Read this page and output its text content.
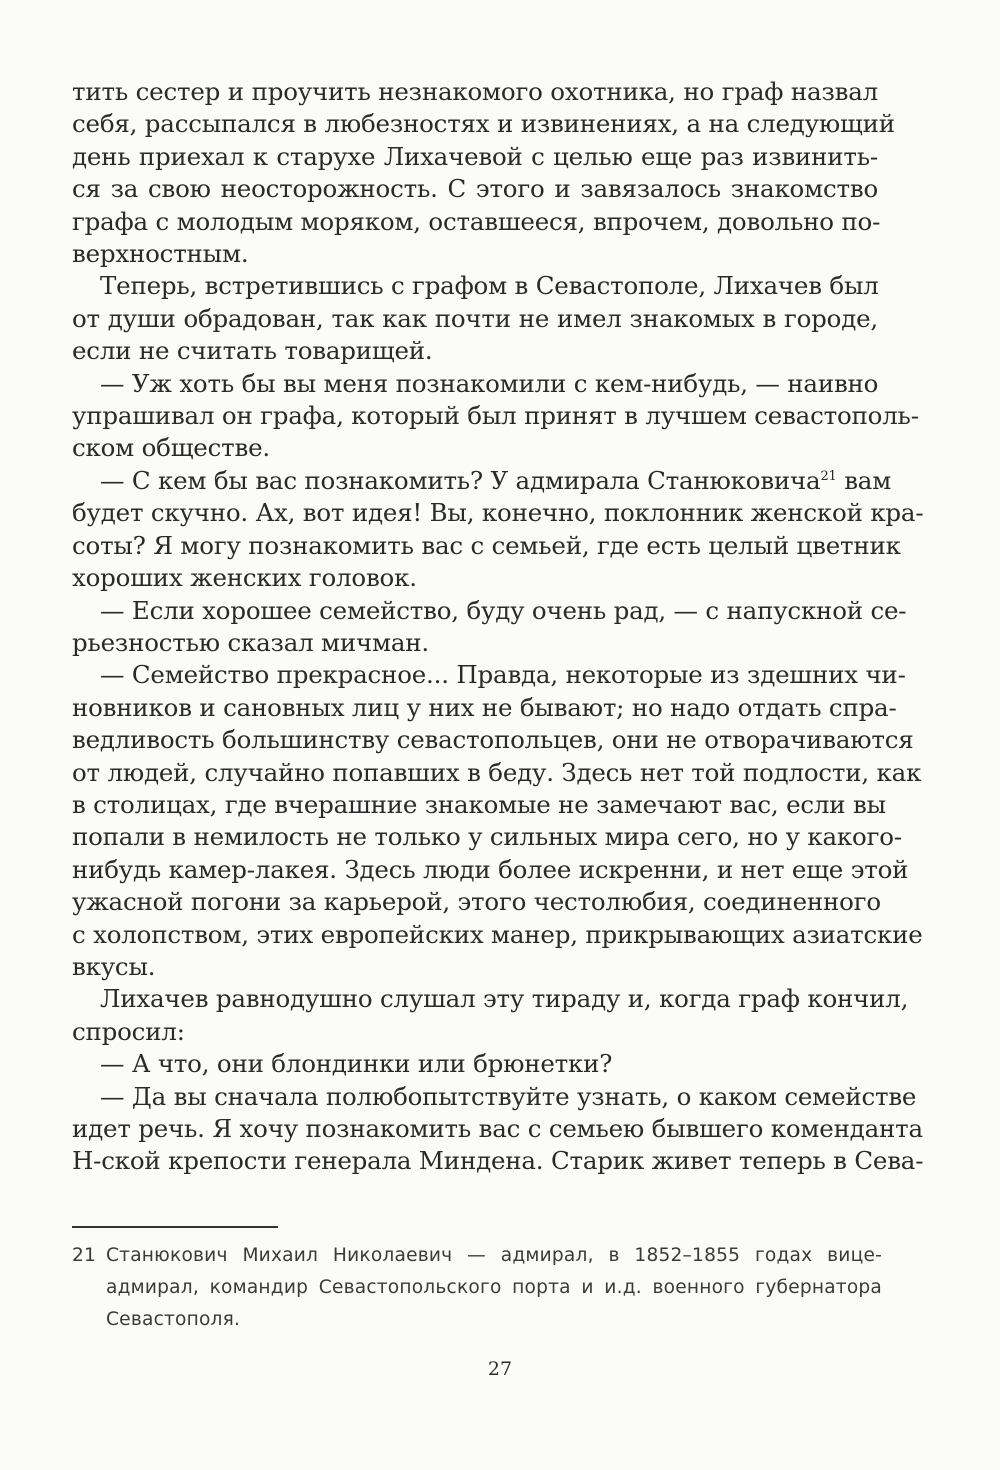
тить сестер и проучить незнакомого охотника, но граф назвал
себя, рассыпался в любезностях и извинениях, а на следующий
день приехал к старухе Лихачевой с целью еще раз извинить-
ся за свою неосторожность. С этого и завязалось знакомство
графа с молодым моряком, оставшееся, впрочем, довольно по-
верхностным.
Теперь, встретившись с графом в Севастополе, Лихачев был
от души обрадован, так как почти не имел знакомых в городе,
если не считать товарищей.
— Уж хоть бы вы меня познакомили с кем-нибудь, — наивно
упрашивал он графа, который был принят в лучшем севастополь-
ском обществе.
— С кем бы вас познакомить? У адмирала Станюковича$^{21}$ вам
будет скучно. Ах, вот идея! Вы, конечно, поклонник женской кра-
соты? Я могу познакомить вас с семьей, где есть целый цветник
хороших женских головок.
— Если хорошее семейство, буду очень рад, — с напускной се-
рьезностью сказал мичман.
— Семейство прекрасное... Правда, некоторые из здешних чи-
новников и сановных лиц у них не бывают; но надо отдать спра-
ведливость большинству севастопольцев, они не отворачиваются
от людей, случайно попавших в беду. Здесь нет той подлости, как
в столицах, где вчерашние знакомые не замечают вас, если вы
попали в немилость не только у сильных мира сего, но у какого-
нибудь камер-лакея. Здесь люди более искренни, и нет еще этой
ужасной погони за карьерой, этого честолюбия, соединенного
с холопством, этих европейских манер, прикрывающих азиатские
вкусы.
Лихачев равнодушно слушал эту тираду и, когда граф кончил,
спросил:
— А что, они блондинки или брюнетки?
— Да вы сначала полюбопытствуйте узнать, о каком семействе
идет речь. Я хочу познакомить вас с семьею бывшего коменданта
Н-ской крепости генерала Миндена. Старик живет теперь в Сева-
21 Станюкович Михаил Николаевич — адмирал, в 1852–1855 годах вице-
адмирал, командир Севастопольского порта и и.д. военного губернатора
Севастополя.
27
